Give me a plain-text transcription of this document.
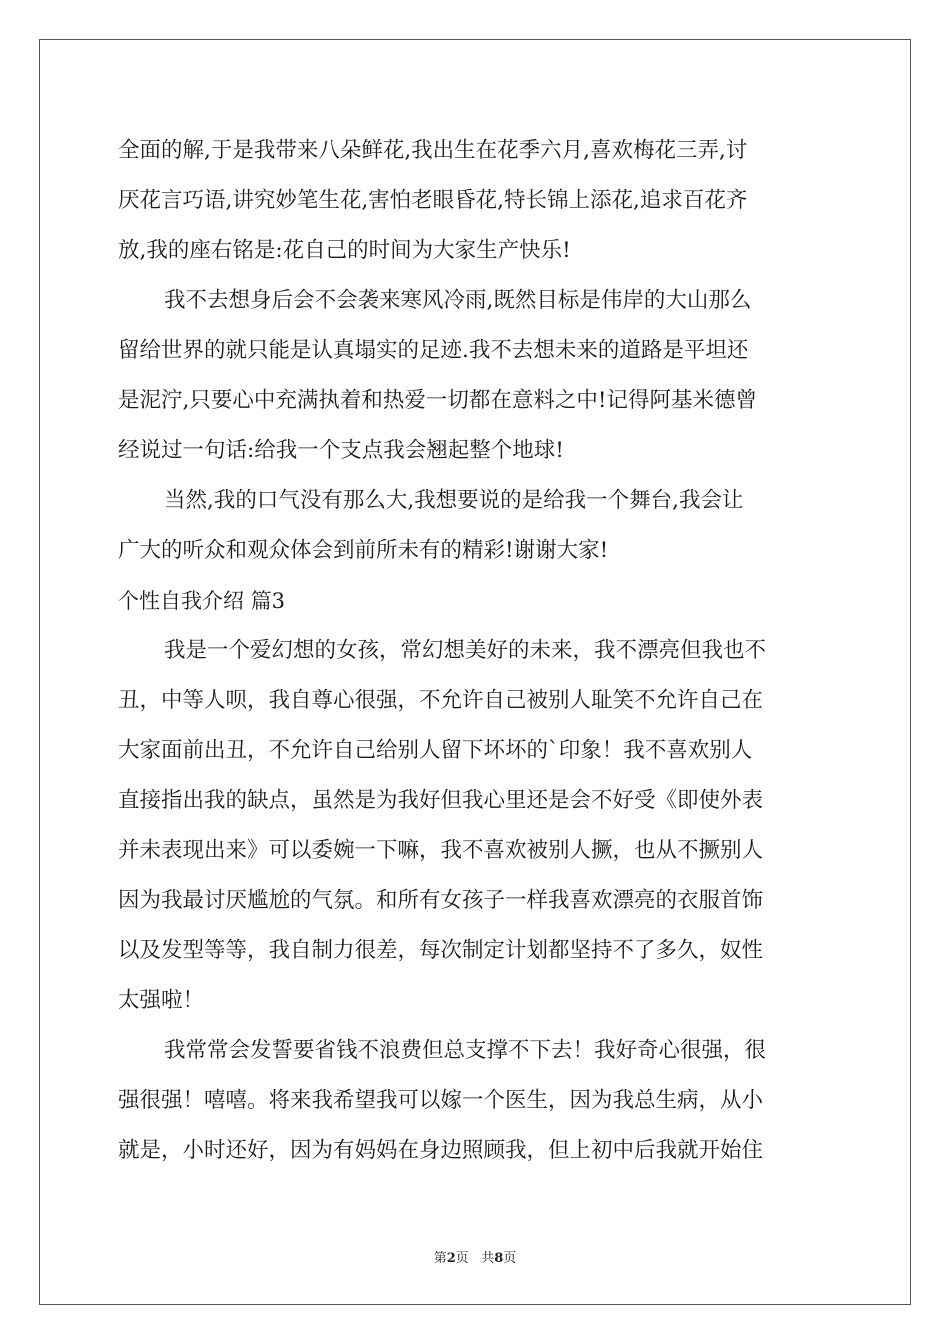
全面的解,于是我带来八朵鲜花,我出生在花季六月,喜欢梅花三弄,讨
厌花言巧语,讲究妙笔生花,害怕老眼昏花,特长锦上添花,追求百花齐
放,我的座右铭是:花自己的时间为大家生产快乐!
我不去想身后会不会袭来寒风冷雨,既然目标是伟岸的大山那么
留给世界的就只能是认真塌实的足迹.我不去想未来的道路是平坦还
是泥泞,只要心中充满执着和热爱一切都在意料之中!记得阿基米德曾
经说过一句话:给我一个支点我会翘起整个地球!
当然,我的口气没有那么大,我想要说的是给我一个舞台,我会让
广大的听众和观众体会到前所未有的精彩!谢谢大家!
个性自我介绍 篇3
我是一个爱幻想的女孩，常幻想美好的未来，我不漂亮但我也不
丑，中等人呗，我自尊心很强，不允许自己被别人耻笑不允许自己在
大家面前出丑，不允许自己给别人留下坏坏的`印象！我不喜欢别人
直接指出我的缺点，虽然是为我好但我心里还是会不好受《即使外表
并未表现出来》可以委婉一下嘛，我不喜欢被别人撅，也从不撅别人
因为我最讨厌尴尬的气氛。和所有女孩子一样我喜欢漂亮的衣服首饰
以及发型等等，我自制力很差，每次制定计划都坚持不了多久，奴性
太强啦！
我常常会发誓要省钱不浪费但总支撑不下去！我好奇心很强，很
强很强！嘻嘻。将来我希望我可以嫁一个医生，因为我总生病，从小
就是，小时还好，因为有妈妈在身边照顾我，但上初中后我就开始住
第2页 共8页
